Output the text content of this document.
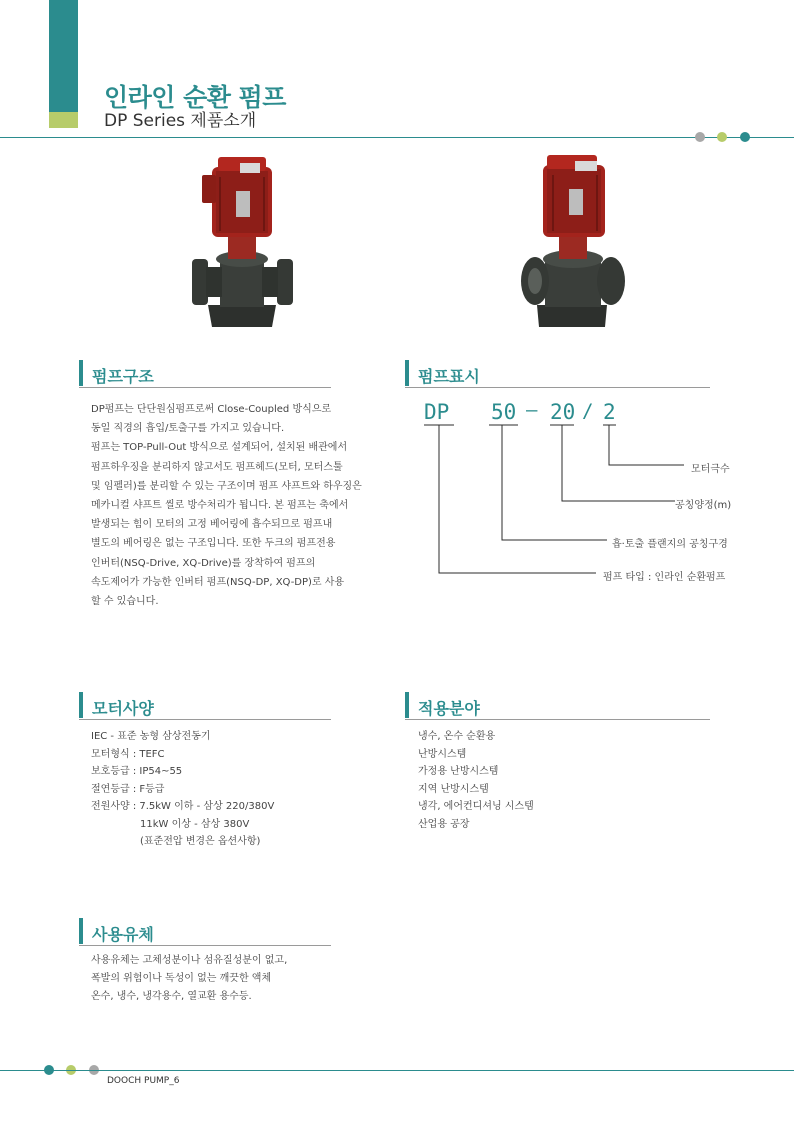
인라인 순환 펌프
DP Series 제품소개
펌프구조
DP펌프는 단단원심펌프로써 Close-Coupled 방식으로
동일 직경의 흡입/토출구를 가지고 있습니다.
펌프는 TOP-Pull-Out 방식으로 설계되어, 설치된 배관에서
펌프하우징을 분리하지 않고서도 펌프헤드(모터, 모터스툴
및 임펠러)를 분리할 수 있는 구조이며 펌프 샤프트와 하우징은
메카니컬 샤프트 씰로 방수처리가 됩니다. 본 펌프는 축에서
발생되는 힘이 모터의 고정 베어링에 흡수되므로 펌프내
별도의 베어링은 없는 구조입니다. 또한 두크의 펌프전용
인버터(NSQ-Drive, XQ-Drive)를 장착하여 펌프의
속도제어가 가능한 인버터 펌프(NSQ-DP, XQ-DP)로 사용
할 수 있습니다.
펌프표시
DP 50 – 20 / 2
모터극수
공칭양정(m)
흡·토출 플랜지의 공칭구경
펌프 타입 : 인라인 순환펌프
모터사양
IEC - 표준 농형 삼상전동기
모터형식 : TEFC
보호등급 : IP54~55
절연등급 : F등급
전원사양 : 7.5kW 이하 - 삼상 220/380V
11kW 이상 - 삼상 380V
(표준전압 변경은 옵션사항)
적용분야
냉수, 온수 순환용
난방시스템
가정용 난방시스템
지역 난방시스템
냉각, 에어컨디셔닝 시스템
산업용 공장
사용유체
사용유체는 고체성분이나 섬유질성분이 없고,
폭발의 위험이나 독성이 없는 깨끗한 액체
온수, 냉수, 냉각용수, 열교환 용수등.
DOOCH PUMP_6
